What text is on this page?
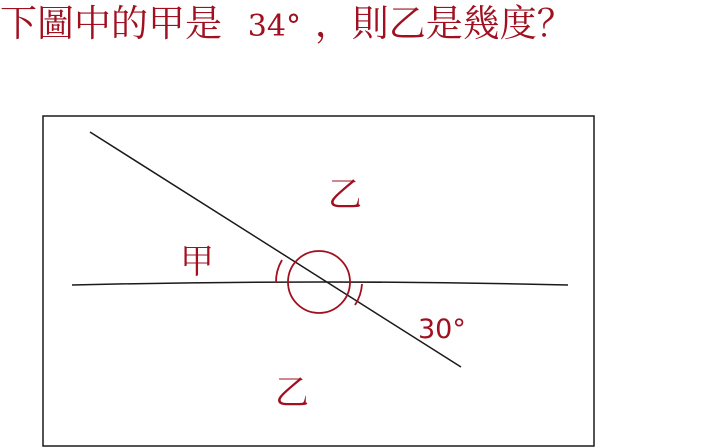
下圖中的甲是 34° ，則乙是幾度？
乙
甲
30°
乙
